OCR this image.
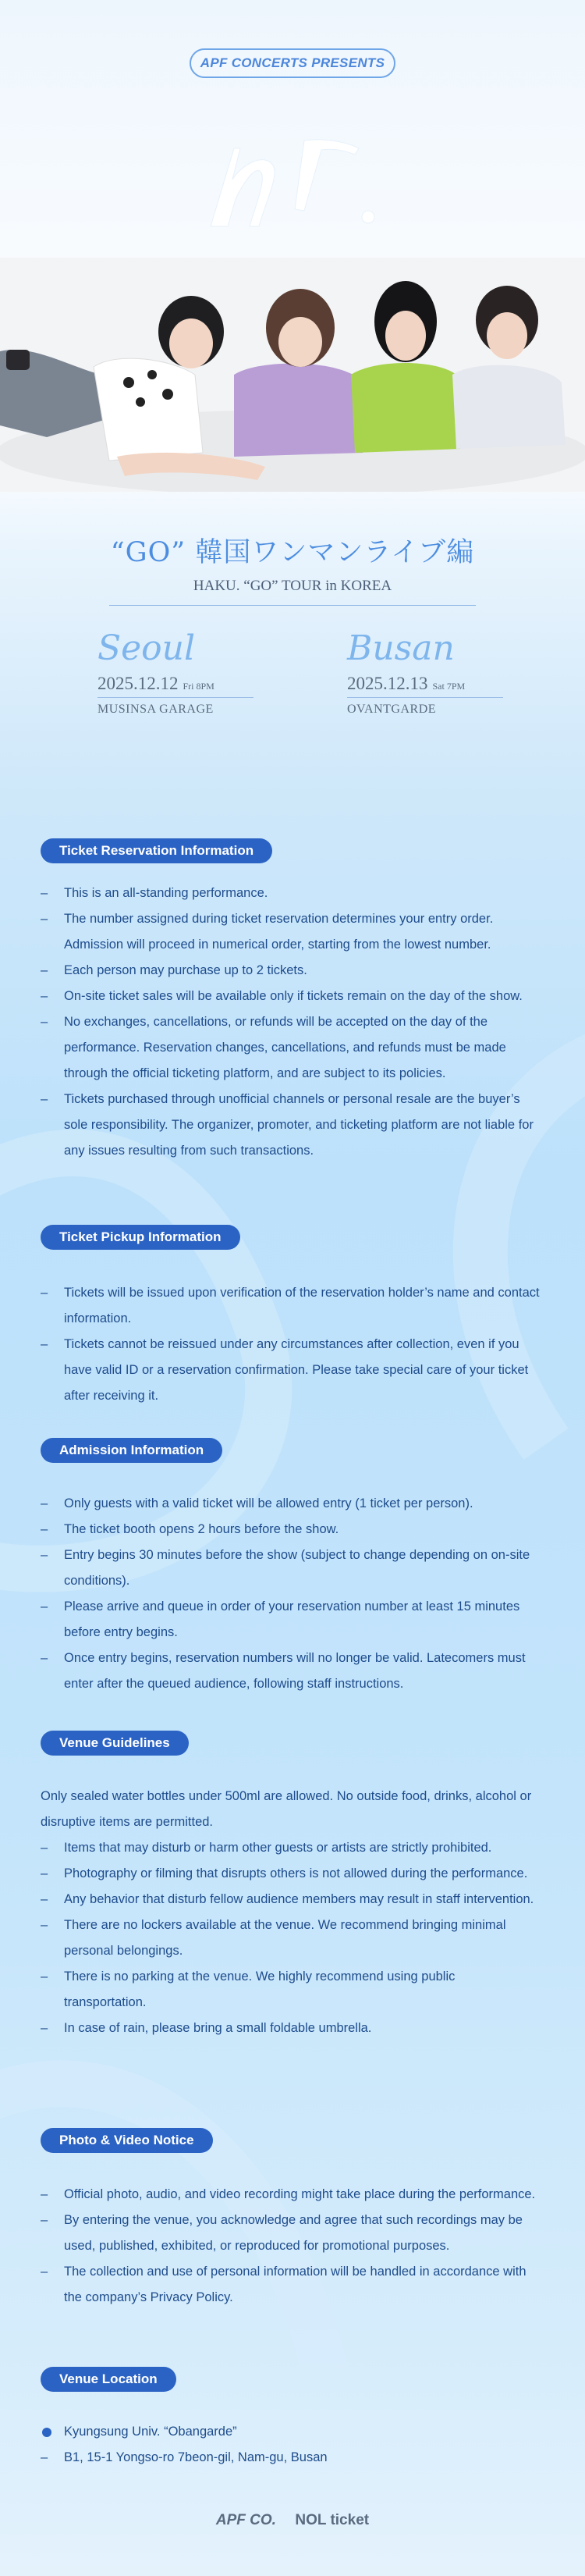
APF CONCERTS PRESENTS
“GO” 韓国ワンマンライブ編
HAKU. “GO” TOUR in KOREA
Seoul
2025.12.12 Fri 8PM
MUSINSA GARAGE
Busan
2025.12.13 Sat 7PM
OVANTGARDE
Ticket Reservation Information
– This is an all-standing performance.
– The number assigned during ticket reservation determines your entry order. Admission will proceed in numerical order, starting from the lowest number.
– Each person may purchase up to 2 tickets.
– On-site ticket sales will be available only if tickets remain on the day of the show.
– No exchanges, cancellations, or refunds will be accepted on the day of the performance. Reservation changes, cancellations, and refunds must be made through the official ticketing platform, and are subject to its policies.
– Tickets purchased through unofficial channels or personal resale are the buyer’s sole responsibility. The organizer, promoter, and ticketing platform are not liable for any issues resulting from such transactions.
Ticket Pickup Information
– Tickets will be issued upon verification of the reservation holder’s name and contact information.
– Tickets cannot be reissued under any circumstances after collection, even if you have valid ID or a reservation confirmation. Please take special care of your ticket after receiving it.
Admission Information
– Only guests with a valid ticket will be allowed entry (1 ticket per person).
– The ticket booth opens 2 hours before the show.
– Entry begins 30 minutes before the show (subject to change depending on on-site conditions).
– Please arrive and queue in order of your reservation number at least 15 minutes before entry begins.
– Once entry begins, reservation numbers will no longer be valid. Latecomers must enter after the queued audience, following staff instructions.
Venue Guidelines

Only sealed water bottles under 500ml are allowed. No outside food, drinks, alcohol or disruptive items are permitted.

– Items that may disturb or harm other guests or artists are strictly prohibited.
– Photography or filming that disrupts others is not allowed during the performance.
– Any behavior that disturb fellow audience members may result in staff intervention.
– There are no lockers available at the venue. We recommend bringing minimal personal belongings.
– There is no parking at the venue. We highly recommend using public transportation.
– In case of rain, please bring a small foldable umbrella.
Photo & Video Notice
– Official photo, audio, and video recording might take place during the performance.
– By entering the venue, you acknowledge and agree that such recordings may be used, published, exhibited, or reproduced for promotional purposes.
– The collection and use of personal information will be handled in accordance with the company’s Privacy Policy.
Venue Location
Kyungsung Univ. “Obangarde”
– B1, 15-1 Yongso-ro 7beon-gil, Nam-gu, Busan
APF CO. NOL ticket
